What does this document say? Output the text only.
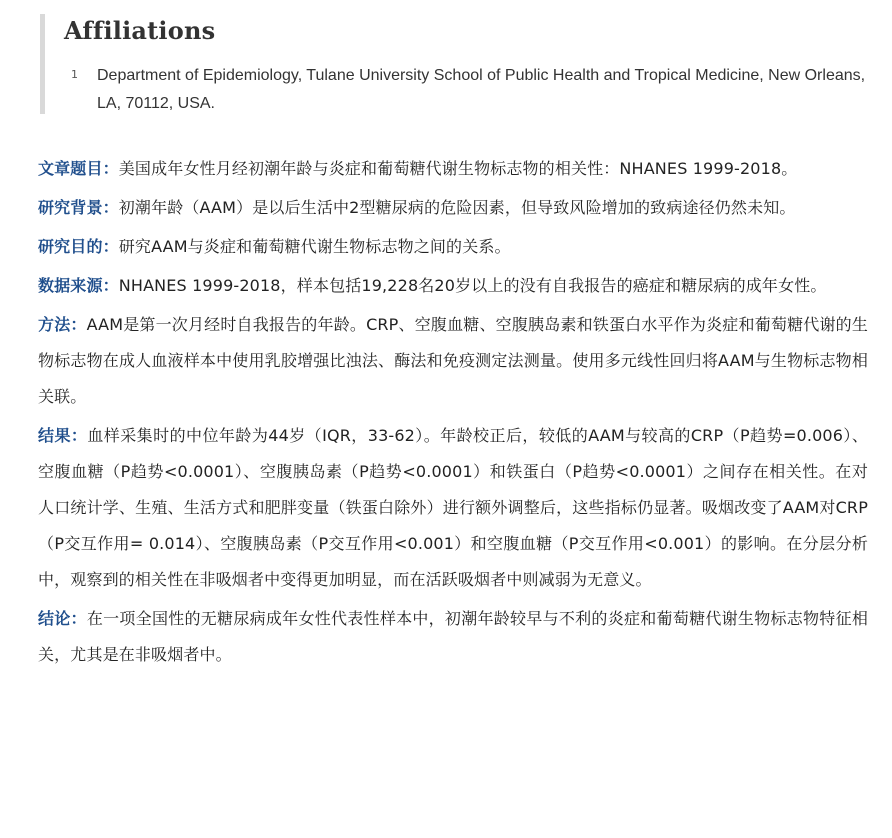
Affiliations
1 Department of Epidemiology, Tulane University School of Public Health and Tropical Medicine, New Orleans, LA, 70112, USA.

文章题目：美国成年女性月经初潮年龄与炎症和葡萄糖代谢生物标志物的相关性：NHANES 1999-2018。

研究背景：初潮年龄（AAM）是以后生活中2型糖尿病的危险因素，但导致风险增加的致病途径仍然未知。

研究目的：研究AAM与炎症和葡萄糖代谢生物标志物之间的关系。

数据来源：NHANES 1999-2018，样本包括19,228名20岁以上的没有自我报告的癌症和糖尿病的成年女性。

方法：AAM是第一次月经时自我报告的年龄。CRP、空腹血糖、空腹胰岛素和铁蛋白水平作为炎症和葡萄糖代谢的生物标志物在成人血液样本中使用乳胶增强比浊法、酶法和免疫测定法测量。使用多元线性回归将AAM与生物标志物相关联。

结果：血样采集时的中位年龄为44岁（IQR，33-62）。年龄校正后，较低的AAM与较高的CRP（P趋势=0.006）、空腹血糖（P趋势<0.0001）、空腹胰岛素（P趋势<0.0001）和铁蛋白（P趋势<0.0001）之间存在相关性。在对人口统计学、生殖、生活方式和肥胖变量（铁蛋白除外）进行额外调整后，这些指标仍显著。吸烟改变了AAM对CRP（P交互作用= 0.014）、空腹胰岛素（P交互作用<0.001）和空腹血糖（P交互作用<0.001）的影响。在分层分析中，观察到的相关性在非吸烟者中变得更加明显，而在活跃吸烟者中则减弱为无意义。

结论：在一项全国性的无糖尿病成年女性代表性样本中，初潮年龄较早与不利的炎症和葡萄糖代谢生物标志物特征相关，尤其是在非吸烟者中。
